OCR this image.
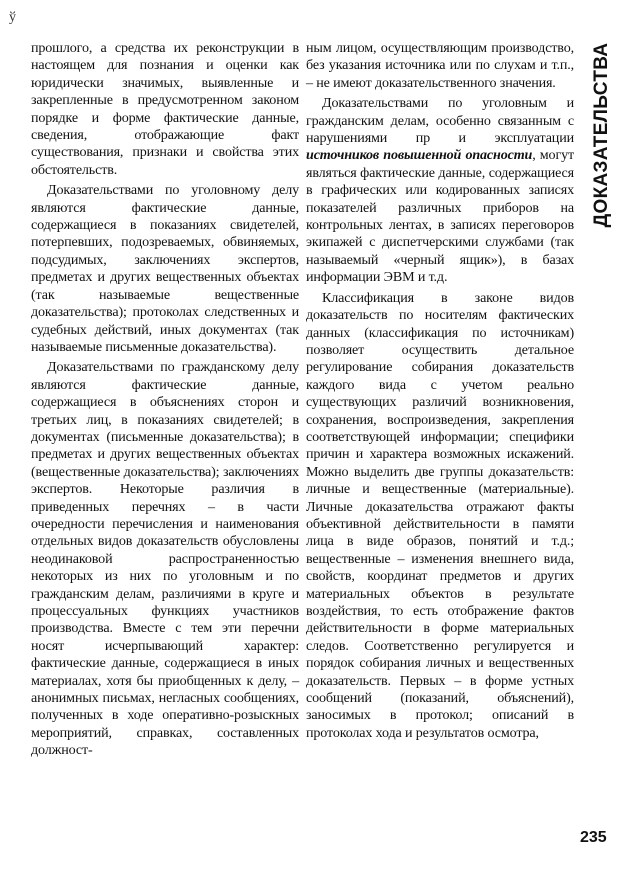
ў

прошлого, а средства их реконструкции в настоящем для познания и оценки как юридически значимых, выявленные и закрепленные в предусмотренном законом порядке и форме фактические данные, сведения, отображающие факт существования, признаки и свойства этих обстоятельств.

Доказательствами по уголовному делу являются фактические данные, содержащиеся в показаниях свидетелей, потерпевших, подозреваемых, обвиняемых, подсудимых, заключениях экспертов, предметах и других вещественных объектах (так называемые вещественные доказательства); протоколах следственных и судебных действий, иных документах (так называемые письменные доказательства).

Доказательствами по гражданскому делу являются фактические данные, содержащиеся в объяснениях сторон и третьих лиц, в показаниях свидетелей; в документах (письменные доказательства); в предметах и других вещественных объектах (вещественные доказательства); заключениях экспертов. Некоторые различия в приведенных перечнях – в части очередности перечисления и наименования отдельных видов доказательств обусловлены неодинаковой распространенностью некоторых из них по уголовным и по гражданским делам, различиями в круге и процессуальных функциях участников производства. Вместе с тем эти перечни носят исчерпывающий характер: фактические данные, содержащиеся в иных материалах, хотя бы приобщенных к делу, – анонимных письмах, негласных сообщениях, полученных в ходе оперативно-розыскных мероприятий, справках, составленных должност-

ным лицом, осуществляющим производство, без указания источника или по слухам и т.п., – не имеют доказательственного значения.

Доказательствами по уголовным и гражданским делам, особенно связанным с нарушениями пр и эксплуатации источников повышенной опасности, могут являться фактические данные, содержащиеся в графических или кодированных записях показателей различных приборов на контрольных лентах, в записях переговоров экипажей с диспетчерскими службами (так называемый «черный ящик»), в базах информации ЭВМ и т.д.

Классификация в законе видов доказательств по носителям фактических данных (классификация по источникам) позволяет осуществить детальное регулирование собирания доказательств каждого вида с учетом реально существующих различий возникновения, сохранения, воспроизведения, закрепления соответствующей информации; специфики причин и характера возможных искажений. Можно выделить две группы доказательств: личные и вещественные (материальные). Личные доказательства отражают факты объективной действительности в памяти лица в виде образов, понятий и т.д.; вещественные – изменения внешнего вида, свойств, координат предметов и других материальных объектов в результате воздействия, то есть отображение фактов действительности в форме материальных следов. Соответственно регулируется и порядок собирания личных и вещественных доказательств. Первых – в форме устных сообщений (показаний, объяснений), заносимых в протокол; описаний в протоколах хода и результатов осмотра,

ДОКАЗАТЕЛЬСТВА
235
